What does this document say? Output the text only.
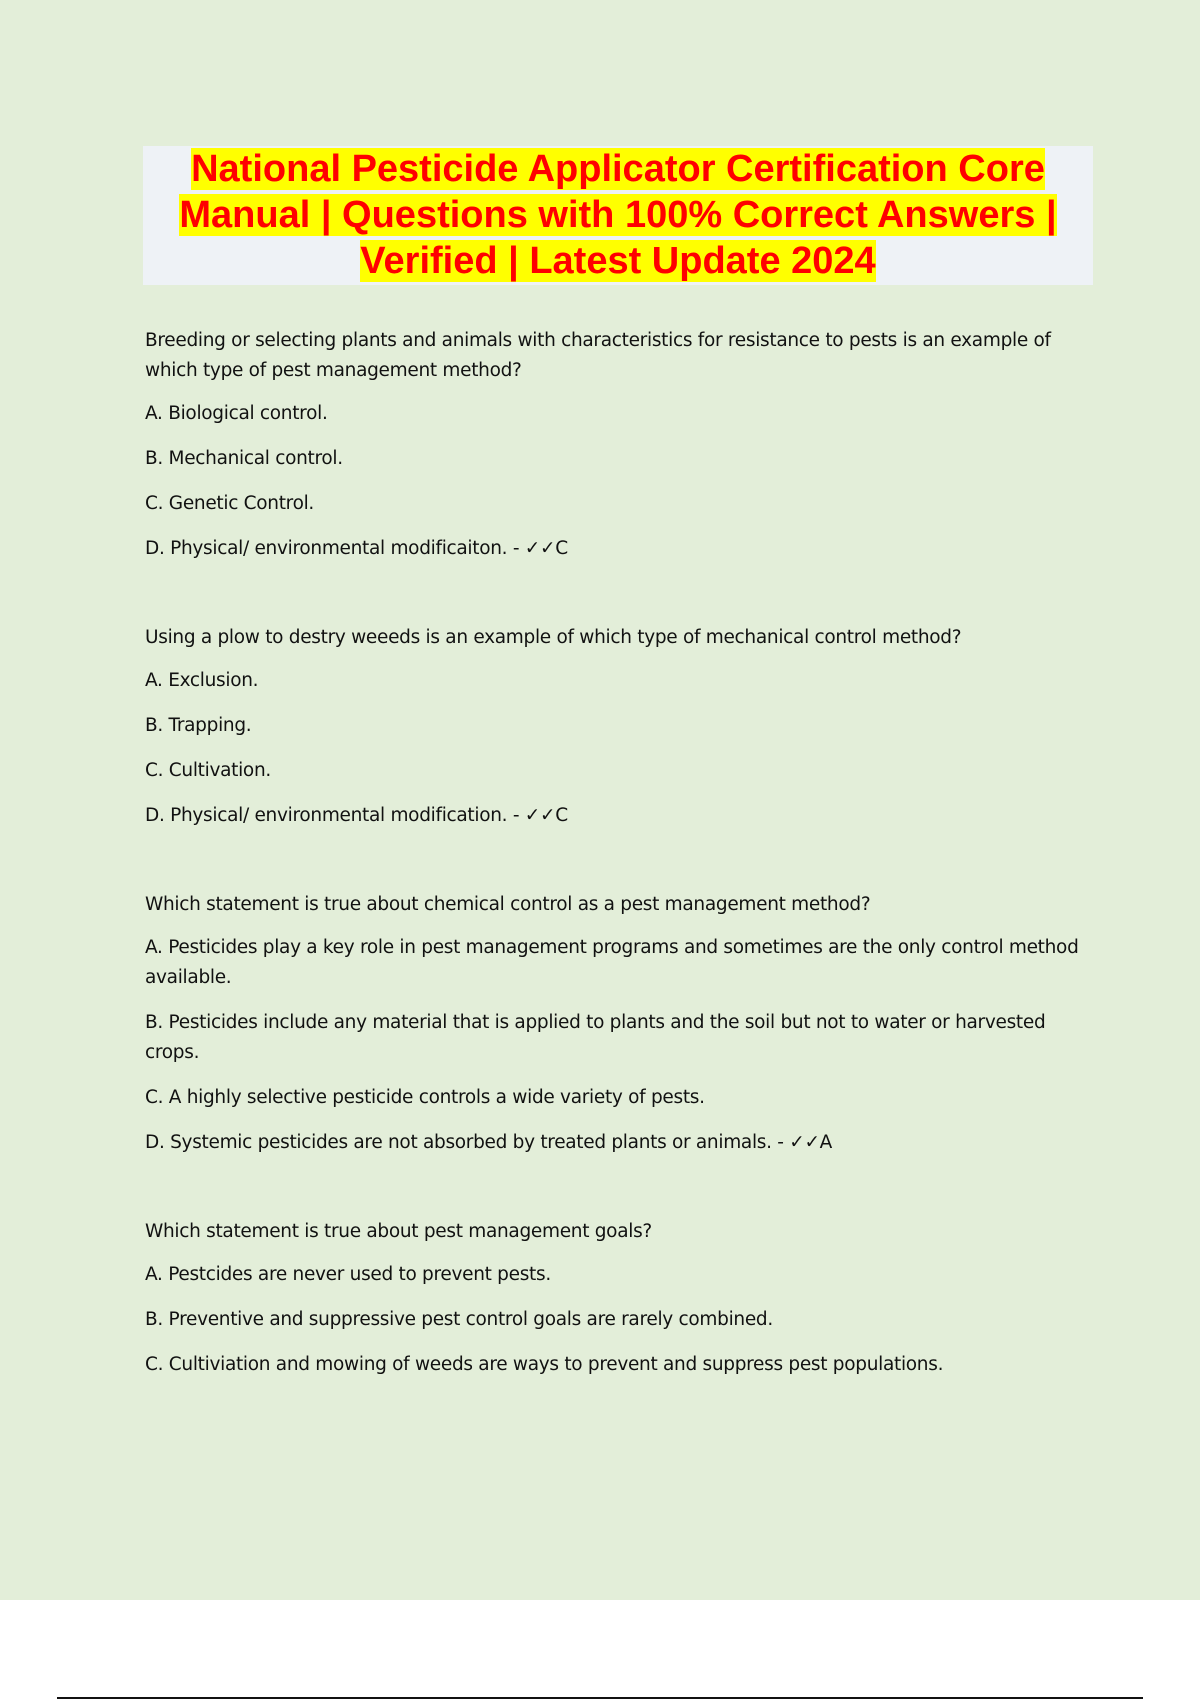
National Pesticide Applicator Certification Core
Manual | Questions with 100% Correct Answers |
Verified | Latest Update 2024
Breeding or selecting plants and animals with characteristics for resistance to pests is an example of which type of pest management method?
A. Biological control.
B. Mechanical control.
C. Genetic Control.
D. Physical/ environmental modificaiton. - ✓✓C
Using a plow to destry weeeds is an example of which type of mechanical control method?
A. Exclusion.
B. Trapping.
C. Cultivation.
D. Physical/ environmental modification. - ✓✓C
Which statement is true about chemical control as a pest management method?
A. Pesticides play a key role in pest management programs and sometimes are the only control method available.
B. Pesticides include any material that is applied to plants and the soil but not to water or harvested crops.
C. A highly selective pesticide controls a wide variety of pests.
D. Systemic pesticides are not absorbed by treated plants or animals. - ✓✓A
Which statement is true about pest management goals?
A. Pestcides are never used to prevent pests.
B. Preventive and suppressive pest control goals are rarely combined.
C. Cultiviation and mowing of weeds are ways to prevent and suppress pest populations.
